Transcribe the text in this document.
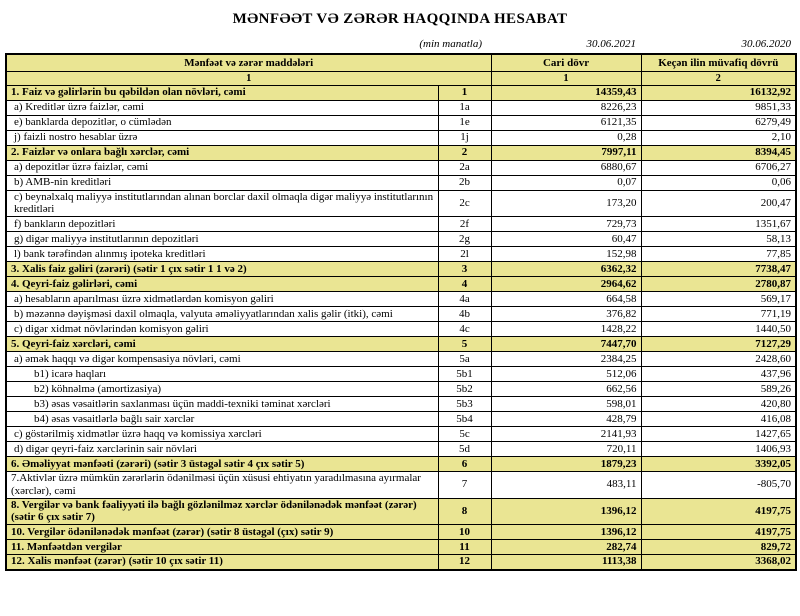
MƏNFƏƏT VƏ ZƏRƏR HAQQINDA HESABAT
(min manatla)	30.06.2021	30.06.2020
Mənfəət və zərər maddələri		Cari dövr	Keçən ilin müvafiq dövrü
1		1	2
1. Faiz və gəlirlərin bu qəbildən olan növləri, cəmi	1	14359,43	16132,92
a) Kreditlər üzrə faizlər, cəmi	1a	8226,23	9851,33
e) banklarda depozitlər, o cümlədən	1e	6121,35	6279,49
j) faizli nostro hesablar üzrə	1j	0,28	2,10
2. Faizlər və onlara bağlı xərclər, cəmi	2	7997,11	8394,45
a) depozitlər üzrə faizlər, cəmi	2a	6880,67	6706,27
b) AMB-nin kreditləri	2b	0,07	0,06
c) beynəlxalq maliyyə institutlarından alınan borclar daxil olmaqla digər maliyyə institutlarının kreditləri	2c	173,20	200,47
f) bankların depozitləri	2f	729,73	1351,67
g) digər maliyyə institutlarının depozitləri	2g	60,47	58,13
l) bank tərəfindən alınmış ipoteka kreditləri	2l	152,98	77,85
3. Xalis faiz gəliri (zərəri) (sətir 1 çıx sətir 1 1 və 2)	3	6362,32	7738,47
4. Qeyri-faiz gəlirləri, cəmi	4	2964,62	2780,87
a) hesabların aparılması üzrə xidmətlərdən komisyon gəliri	4a	664,58	569,17
b) məzənnə dəyişməsi daxil olmaqla, valyuta əməliyyatlarından xalis gəlir (itki), cəmi	4b	376,82	771,19
c) digər xidmət növlərindən komisyon gəliri	4c	1428,22	1440,50
5. Qeyri-faiz xərcləri, cəmi	5	7447,70	7127,29
a) əmək haqqı və digər kompensasiya növləri, cəmi	5a	2384,25	2428,60
b1) icarə haqları	5b1	512,06	437,96
b2) köhnəlmə (amortizasiya)	5b2	662,56	589,26
b3) əsas vəsaitlərin saxlanması üçün maddi-texniki təminat xərcləri	5b3	598,01	420,80
b4) əsas vəsaitlərlə bağlı sair xərclər	5b4	428,79	416,08
c) göstərilmiş xidmətlər üzrə haqq və komissiya xərcləri	5c	2141,93	1427,65
d) digər qeyri-faiz xərclərinin sair növləri	5d	720,11	1406,93
6. Əməliyyat mənfəəti (zərəri) (sətir 3 üstəgəl sətir 4 çıx sətir 5)	6	1879,23	3392,05
7.Aktivlər üzrə mümkün zərərlərin ödənilməsi üçün xüsusi ehtiyatın yaradılmasına ayırmalar (xərclər), cəmi	7	483,11	-805,70
8. Vergilər və bank fəaliyyəti ilə bağlı gözlənilməz xərclər ödənilənədək mənfəət (zərər) (sətir 6 çıx sətir 7)	8	1396,12	4197,75
10. Vergilər ödənilənədək mənfəət (zərər) (sətir 8 üstəgəl (çıx) sətir 9)	10	1396,12	4197,75
11. Mənfəətdən vergilər	11	282,74	829,72
12. Xalis mənfəət (zərər) (sətir 10 çıx sətir 11)	12	1113,38	3368,02
